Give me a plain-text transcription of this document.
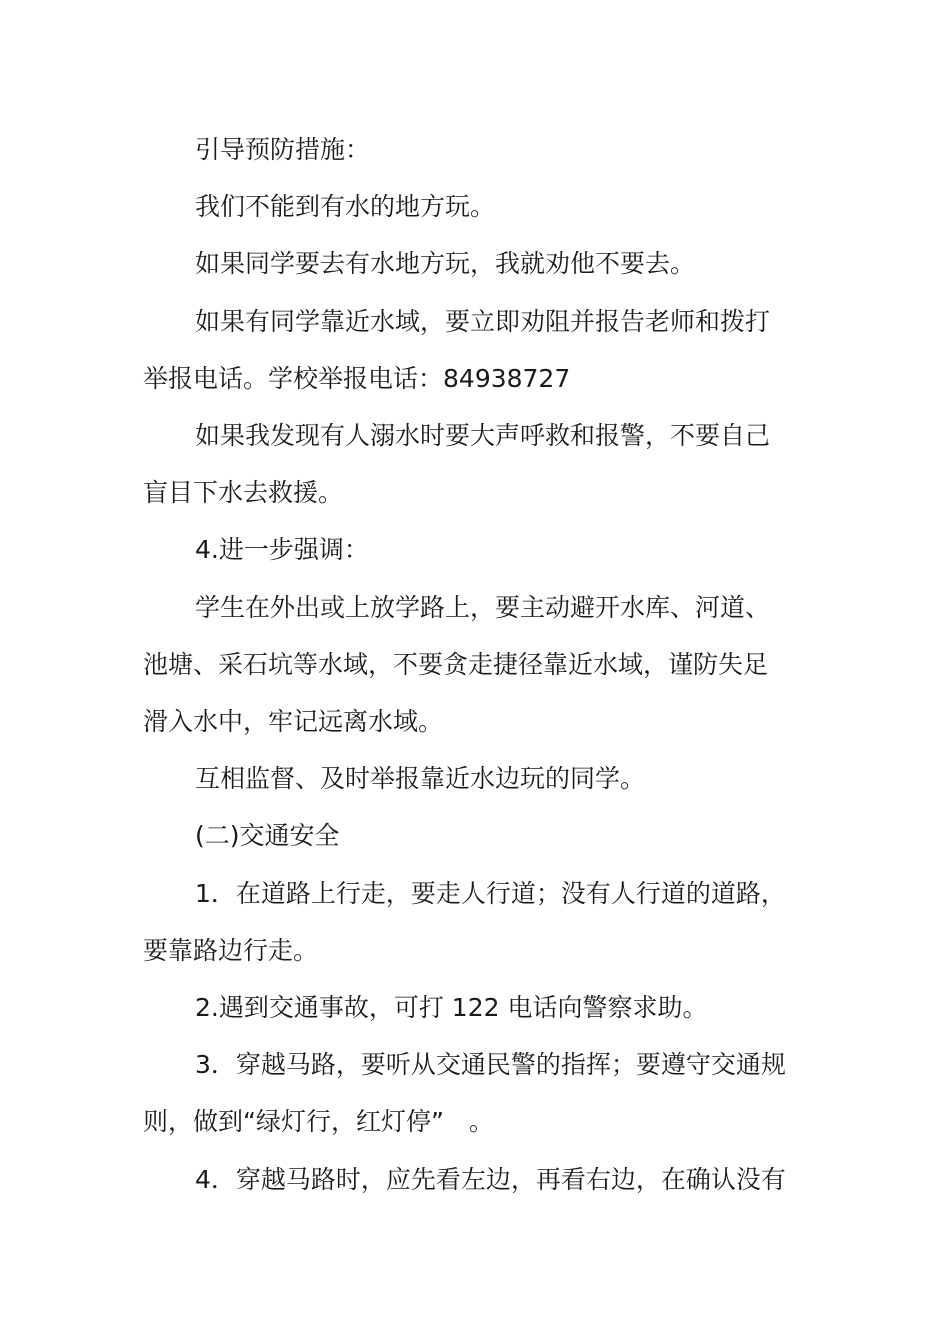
引导预防措施：
我们不能到有水的地方玩。
如果同学要去有水地方玩，我就劝他不要去。
如果有同学靠近水域，要立即劝阻并报告老师和拨打
举报电话。学校举报电话：84938727
如果我发现有人溺水时要大声呼救和报警，不要自己
盲目下水去救援。
4.进一步强调：
学生在外出或上放学路上，要主动避开水库、河道、
池塘、采石坑等水域，不要贪走捷径靠近水域，谨防失足
滑入水中，牢记远离水域。
互相监督、及时举报靠近水边玩的同学。
(二)交通安全
1．在道路上行走，要走人行道；没有人行道的道路，
要靠路边行走。
2.遇到交通事故，可打 122 电话向警察求助。
3．穿越马路，要听从交通民警的指挥；要遵守交通规
则，做到“绿灯行，红灯停”　。
4．穿越马路时，应先看左边，再看右边，在确认没有
